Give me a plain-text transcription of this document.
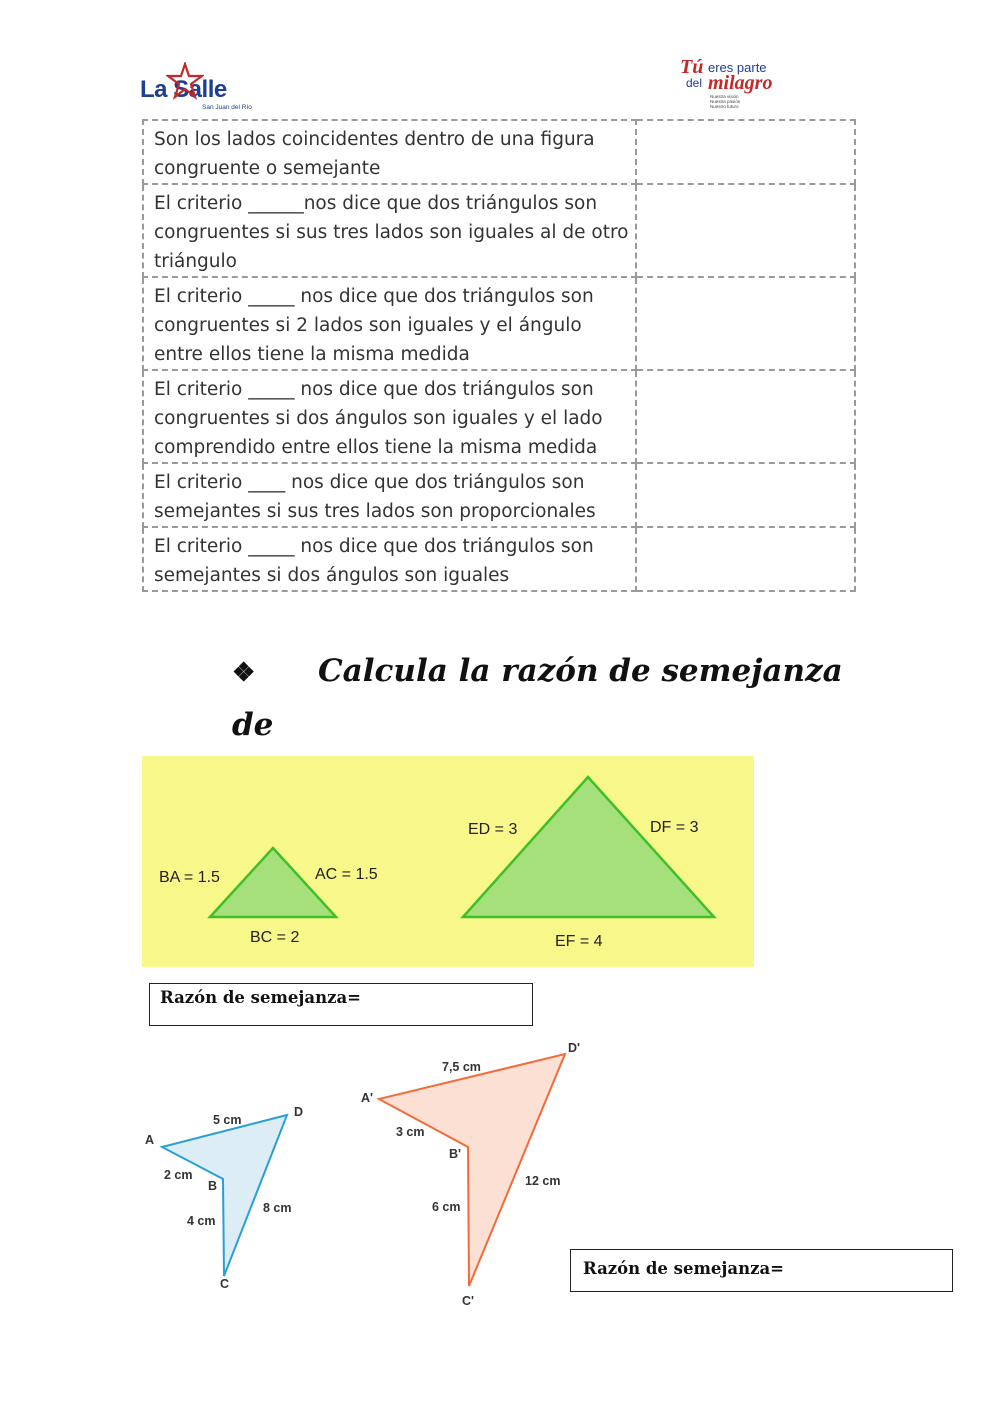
La Salle
San Juan del Río
Tú eres parte
del milagro
Nuestra visión
Nuestra pasión
Nuestro futuro
Son los lados coincidentes dentro de una figura congruente o semejante	
El criterio ______nos dice que dos triángulos son congruentes si sus tres lados son iguales al de otro triángulo	
El criterio _____ nos dice que dos triángulos son congruentes si 2 lados son iguales y el ángulo entre ellos tiene la misma medida	
El criterio _____ nos dice que dos triángulos son congruentes si dos ángulos son iguales y el lado comprendido entre ellos tiene la misma medida	
El criterio ____ nos dice que dos triángulos son semejantes si sus tres lados son proporcionales	
El criterio _____ nos dice que dos triángulos son semejantes si dos ángulos son iguales	
❖ Calcula la razón de semejanza de
BA = 1.5	AC = 1.5
BC = 2
ED = 3	DF = 3
EF = 4
Razón de semejanza=
A
D
B
C
5 cm
2 cm
4 cm
8 cm
A'
D'
B'
C'
7,5 cm
3 cm
6 cm
12 cm
Razón de semejanza=
